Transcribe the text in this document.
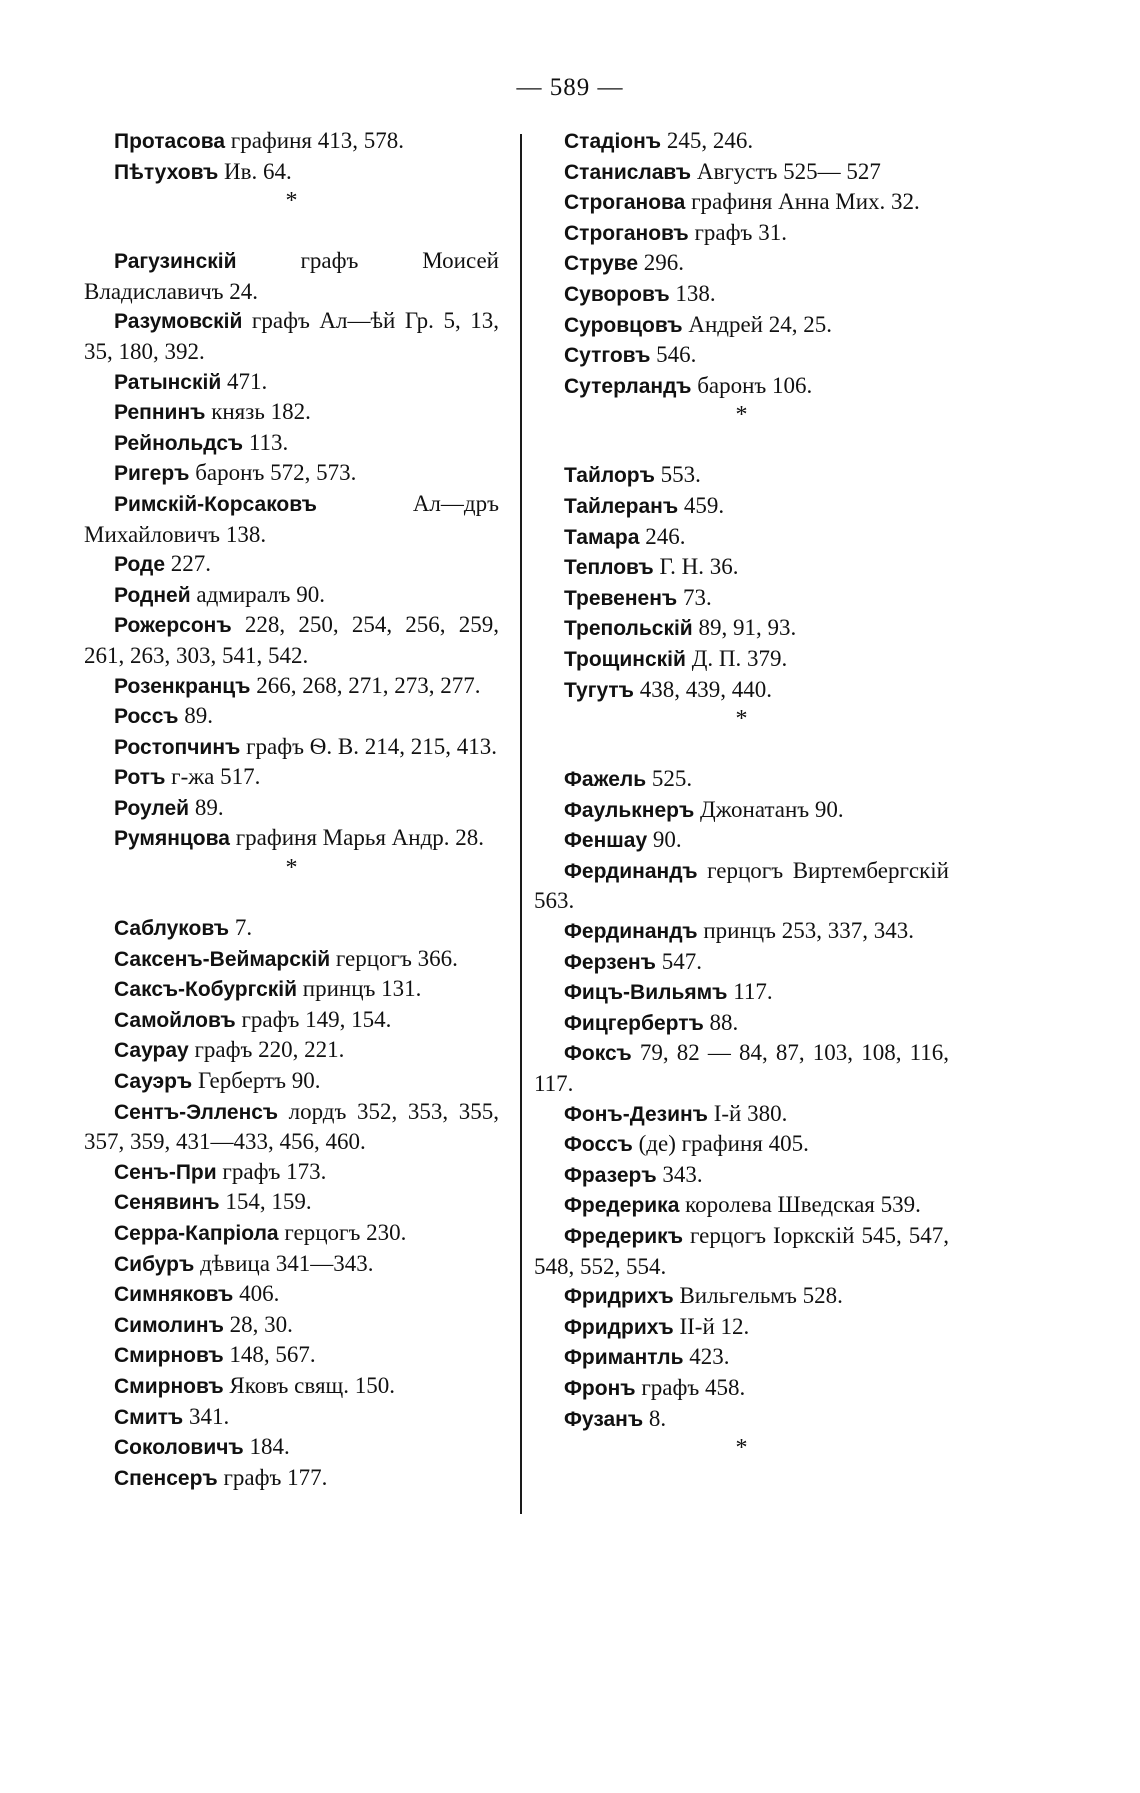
— 589 —

Протасова графиня 413, 578.

Пѣтуховъ Ив. 64.

*

Рагузинскій графъ Моисей Владиславичъ 24.

Разумовскій графъ Ал—ѣй Гр. 5, 13, 35, 180, 392.

Ратынскій 471.

Репнинъ князь 182.

Рейнольдсъ 113.

Ригеръ баронъ 572, 573.

Римскій-Корсаковъ Ал—дръ Михайловичъ 138.

Роде 227.

Родней адмиралъ 90.

Рожерсонъ 228, 250, 254, 256, 259, 261, 263, 303, 541, 542.

Розенкранцъ 266, 268, 271, 273, 277.

Россъ 89.

Ростопчинъ графъ Ѳ. В. 214, 215, 413.

Ротъ г-жа 517.

Роулей 89.

Румянцова графиня Марья Андр. 28.

*

Саблуковъ 7.

Саксенъ-Веймарскій герцогъ 366.

Саксъ-Кобургскій принцъ 131.

Самойловъ графъ 149, 154.

Саурау графъ 220, 221.

Сауэръ Гербертъ 90.

Сентъ-Элленсъ лордъ 352, 353, 355, 357, 359, 431—433, 456, 460.

Сенъ-При графъ 173.

Сенявинъ 154, 159.

Серра-Капріола герцогъ 230.

Сибуръ дѣвица 341—343.

Симняковъ 406.

Симолинъ 28, 30.

Смирновъ 148, 567.

Смирновъ Яковъ свящ. 150.

Смитъ 341.

Соколовичъ 184.

Спенсеръ графъ 177.

Стадіонъ 245, 246.

Станиславъ Августъ 525— 527

Строганова графиня Анна Мих. 32.

Строгановъ графъ 31.

Струве 296.

Суворовъ 138.

Суровцовъ Андрей 24, 25.

Сутговъ 546.

Сутерландъ баронъ 106.

*

Тайлоръ 553.

Тайлеранъ 459.

Тамара 246.

Тепловъ Г. Н. 36.

Тревененъ 73.

Трепольскій 89, 91, 93.

Трощинскій Д. П. 379.

Тугутъ 438, 439, 440.

*

Фажель 525.

Фаулькнеръ Джонатанъ 90.

Феншау 90.

Фердинандъ герцогъ Виртембергскій 563.

Фердинандъ принцъ 253, 337, 343.

Ферзенъ 547.

Фицъ-Вильямъ 117.

Фицгербертъ 88.

Фоксъ 79, 82 — 84, 87, 103, 108, 116, 117.

Фонъ-Дезинъ І-й 380.

Фоссъ (де) графиня 405.

Фразеръ 343.

Фредерика королева Шведская 539.

Фредерикъ герцогъ Іоркскій 545, 547, 548, 552, 554.

Фридрихъ Вильгельмъ 528.

Фридрихъ ІІ-й 12.

Фримантль 423.

Фронъ графъ 458.

Фузанъ 8.

*
